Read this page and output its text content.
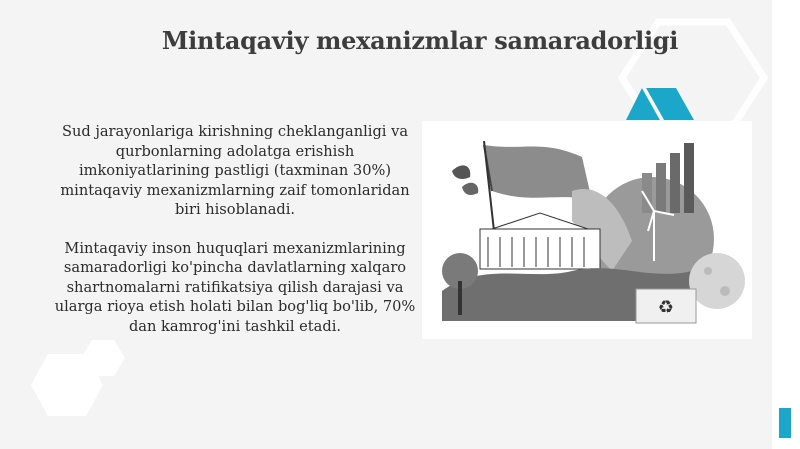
Mintaqaviy mexanizmlar samaradorligi

Sud jarayonlariga kirishning cheklanganligi va qurbonlarning adolatga erishish imkoniyatlarining pastligi (taxminan 30%) mintaqaviy mexanizmlarning zaif tomonlaridan biri hisoblanadi.

Mintaqaviy inson huquqlari mexanizmlarining samaradorligi ko'pincha davlatlarning xalqaro shartnomalarni ratifikatsiya qilish darajasi va ularga rioya etish holati bilan bog'liq bo'lib, 70% dan kamrog'ini tashkil etadi.

♻
